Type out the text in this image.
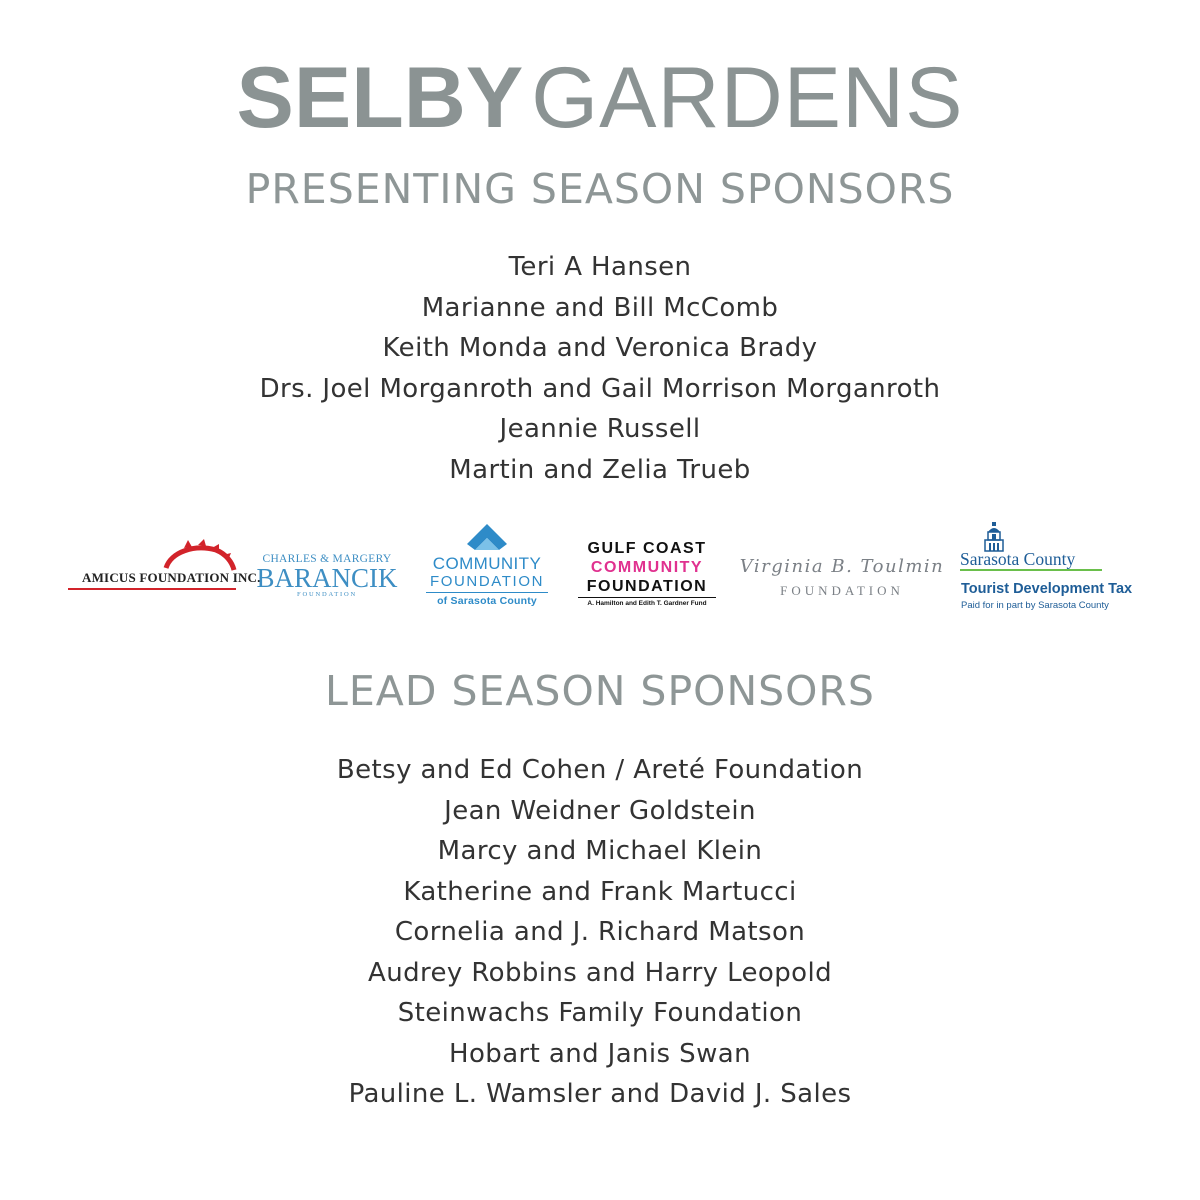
SELBYGARDENS
PRESENTING SEASON SPONSORS
Teri A Hansen
Marianne and Bill McComb
Keith Monda and Veronica Brady
Drs. Joel Morganroth and Gail Morrison Morganroth
Jeannie Russell
Martin and Zelia Trueb
AMICUS FOUNDATION INC.
CHARLES & MARGERY
BARANCIK
FOUNDATION
COMMUNITY
FOUNDATION
of Sarasota County
GULF COAST
COMMUNITY
FOUNDATION
A. Hamilton and Edith T. Gardner Fund
Virginia B. Toulmin
FOUNDATION
Sarasota County
Tourist Development Tax
Paid for in part by Sarasota County
LEAD SEASON SPONSORS
Betsy and Ed Cohen / Areté Foundation
Jean Weidner Goldstein
Marcy and Michael Klein
Katherine and Frank Martucci
Cornelia and J. Richard Matson
Audrey Robbins and Harry Leopold
Steinwachs Family Foundation
Hobart and Janis Swan
Pauline L. Wamsler and David J. Sales
